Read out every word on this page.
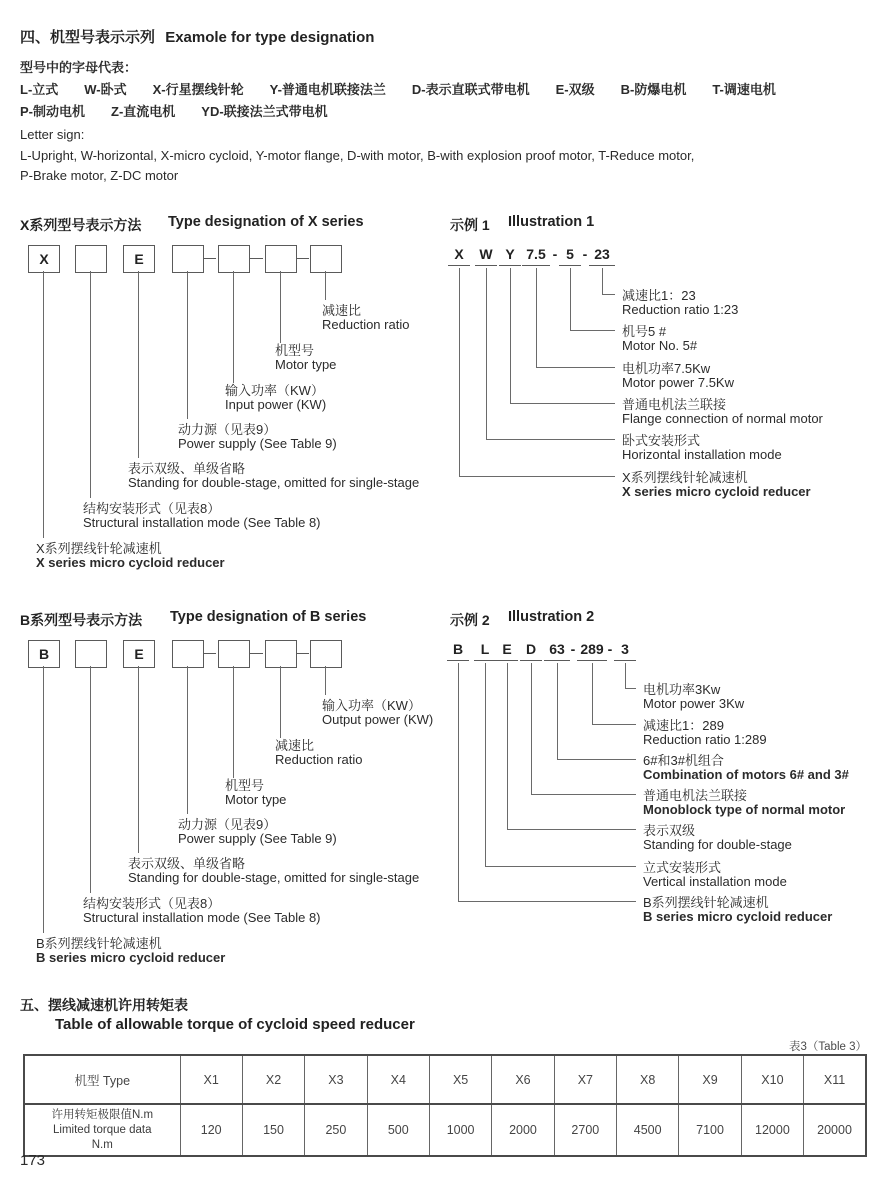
四、机型号表示示列 Examole for type designation
型号中的字母代表：
L-立式　　W-卧式　　X-行星摆线针轮　　Y-普通电机联接法兰　　D-表示直联式带电机　　E-双级　　B-防爆电机　　T-调速电机
P-制动电机　　Z-直流电机　　YD-联接法兰式带电机
Letter sign:
L-Upright, W-horizontal, X-micro cycloid, Y-motor flange, D-with motor, B-with explosion proof motor, T-Reduce motor,
P-Brake motor, Z-DC motor
X系列型号表示方法 Type designation of X series
X	E
减速比
Reduction ratio
机型号
Motor type
输入功率（KW）
Input power (KW)
动力源（见表9）
Power supply (See Table 9)
表示双级、单级省略
Standing for double-stage, omitted for single-stage
结构安装形式（见表8）
Structural installation mode (See Table 8)
X系列摆线针轮减速机
X series micro cycloid reducer
示例 1 Illustration 1
X	W Y 7.5 - 5 - 23
减速比1：23
Reduction ratio 1:23
机号5 #
Motor No. 5#
电机功率7.5Kw
Motor power 7.5Kw
普通电机法兰联接
Flange connection of normal motor
卧式安装形式
Horizontal installation mode
X系列摆线针轮减速机
X series micro cycloid reducer
B系列型号表示方法 Type designation of B series
B	E
输入功率（KW）
Output power (KW)
减速比
Reduction ratio
机型号
Motor type
动力源（见表9）
Power supply (See Table 9)
表示双级、单级省略
Standing for double-stage, omitted for single-stage
结构安装形式（见表8）
Structural installation mode (See Table 8)
B系列摆线针轮减速机
B series micro cycloid reducer
示例 2 Illustration 2
B	L E	D 63 - 289 - 3
电机功率3Kw
Motor power 3Kw
减速比1：289
Reduction ratio 1:289
6#和3#机组合
Combination of motors 6# and 3#
普通电机法兰联接
Monoblock type of normal motor
表示双级
Standing for double-stage
立式安装形式
Vertical installation mode
B系列摆线针轮减速机
B series micro cycloid reducer
五、摆线减速机许用转矩表
Table of allowable torque of cycloid speed reducer
表3（Table 3）
机型 Type	X1	X2	X3	X4	X5	X6	X7	X8	X9	X10	X11

许用转矩极限值N.m
Limited torque data
N.m	120	150	250	500	1000	2000	2700	4500	7100	12000	20000
173
